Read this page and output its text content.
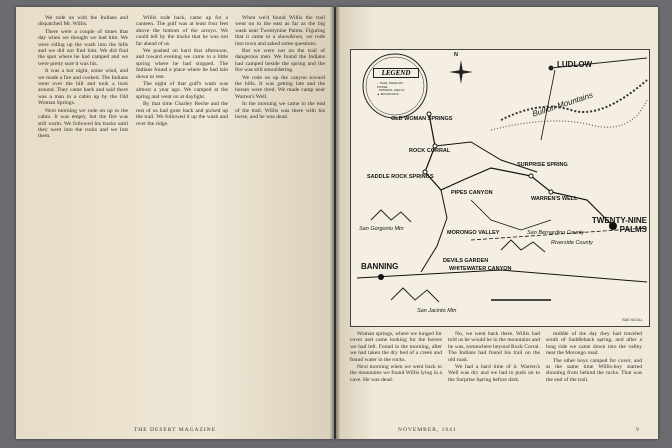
We rode on with the Indians and dispatched Mr. Willis.

There were a couple of times that day when we thought we had him. We were riding up the wash into the hills and we did not find him. We did find the spot where he had camped and we were pretty sure it was his.

It was a hot night, some wind, and we made a fire and cooked. The Indians went over the hill and took a look around. They came back and said there was a man in a cabin up by the Old Woman Springs.

Next morning we rode on up to the cabin. It was empty, but the fire was still warm. We followed his tracks until they went into the rocks and we lost them.

Willis rode back, came up for a canteen. The gulf was at least four feet above the bottom of the arroyo. We could tell by the tracks that he was not far ahead of us.

We pushed on hard that afternoon, and toward evening we came to a little spring where he had stopped. The Indians found a place where he had lain down to rest.

The night of that gulf's wash was almost a year ago. We camped at the spring and went on at daylight.

By that time Charley Reche and the rest of us had gone back and picked up the trail. We followed it up the wash and over the ridge.

When we'd found Willis the trail went on to the east as far as the big wash near Twentynine Palms. Figuring that it came to a showdown, we rode into town and asked some questions.

But we were not on the trail of dangerous men. We found the Indians had camped beside the spring and the fire was still smouldering.

We rode on up the canyon toward the hills. It was getting late and the horses were tired. We made camp near Warren's Well.

In the morning we came to the end of the trail. Willis was there with his horse, and he was dead.

THE DESERT MAGAZINE
LEGEND
~ TRAIL TAKEN BY POSSE
◦ SPRINGS, WELLS
▲ MOUNTAINS
N
LUDLOW
Bullion Mountains
OLD WOMAN SPRINGS
ROCK CORRAL
SADDLE ROCK SPRINGS
SURPRISE SPRING
PIPES CANYON
WARREN'S WELL
TWENTY-NINE PALMS
San Bernardino County
Riverside County
San Gorgonio Mtn
MORONGO VALLEY
BANNING
DEVILS GARDEN
WHITEWATER CANYON
San Jacinto Mtn
BAE NICOLL

Woman springs, where we lunged for cover and came looking for the horses we had left. Found in the morning, after we had taken the dry bed of a creek and found water in the rocks.

Next morning when we went back to the mountains we found Willis lying in a cave. He was dead.

No, we went back there. Willis had told us he would be in the mountains and he was, somewhere beyond Rock Corral. The Indians had found his trail on the old road.

We had a hard time of it. Warren's Well was dry and we had to push on to the Surprise Spring before dark.

middle of the day they had traveled south of Saddleback spring, and after a long ride we came down into the valley near the Morongo road.

The other boys camped for cover, and at the same time Willis-boy started shooting from behind the rocks. That was the end of the trail.

NOVEMBER, 1941	9
